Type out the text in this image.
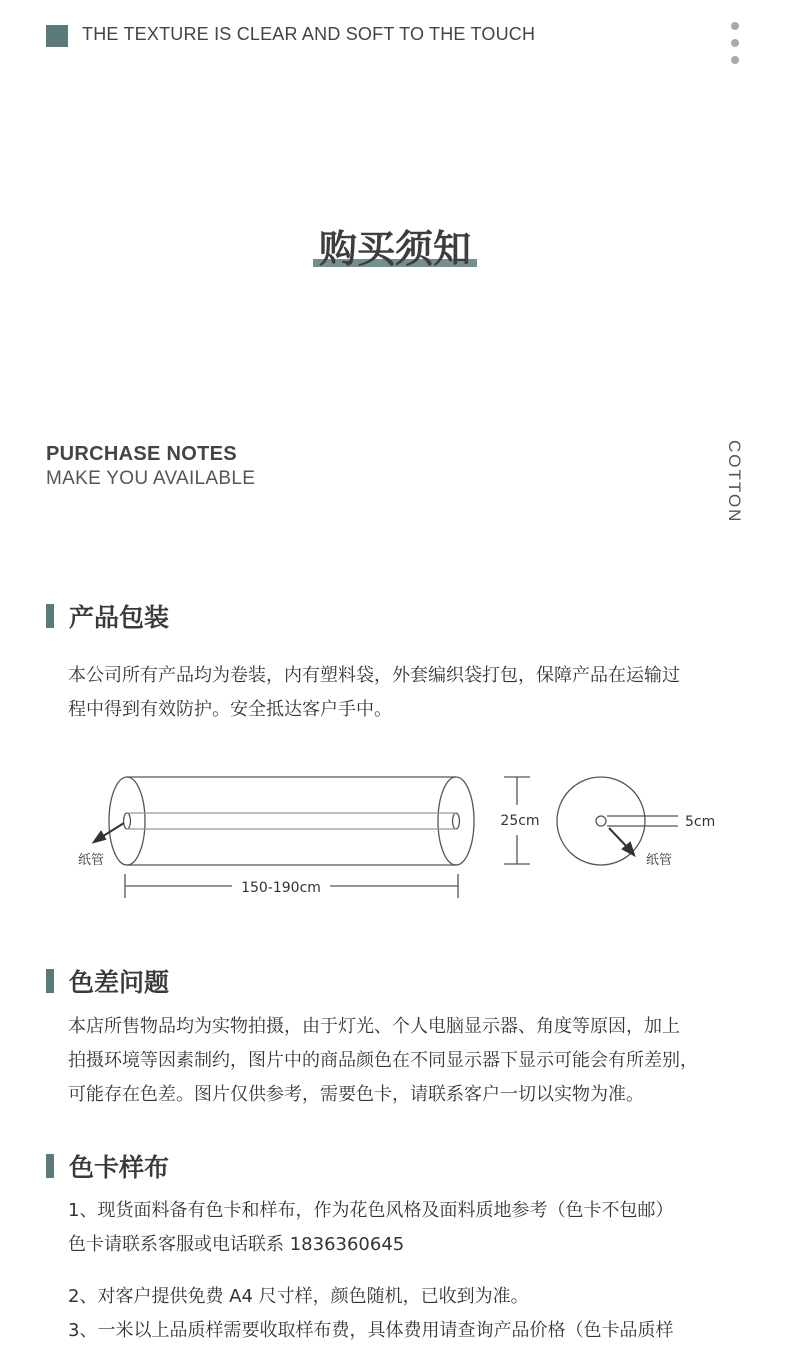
THE TEXTURE IS CLEAR AND SOFT TO THE TOUCH
购买须知
PURCHASE NOTES
MAKE YOU AVAILABLE	COTTON
产品包装

本公司所有产品均为卷装，内有塑料袋，外套编织袋打包，保障产品在运输过

程中得到有效防护。安全抵达客户手中。

纸管
150-190cm
25cm	5cm
纸管
色差问题

本店所售物品均为实物拍摄，由于灯光、个人电脑显示器、角度等原因，加上

拍摄环境等因素制约，图片中的商品颜色在不同显示器下显示可能会有所差别，

可能存在色差。图片仅供参考，需要色卡，请联系客户一切以实物为准。

色卡样布

1、现货面料备有色卡和样布，作为花色风格及面料质地参考（色卡不包邮）

色卡请联系客服或电话联系 1836360645

2、对客户提供免费 A4 尺寸样，颜色随机，已收到为准。

3、一米以上品质样需要收取样布费，具体费用请查询产品价格（色卡品质样
